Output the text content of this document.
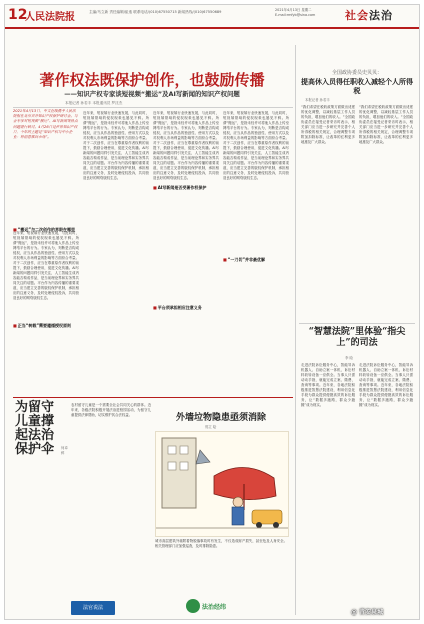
12
人民法院报	主编/马立新 责任编辑/崔逸 联系电话/(010)67550715 新闻热线/(010)67550689	2021年4月13日 星期二
E-mail:rmfyb@sina.com	社会法治
著作权法既保护创作，也鼓励传播
——知识产权专家谈短视频“搬运”及AI写新闻的知识产权问题
本报记者 孙若丰 本报通讯员 罗沈杰
2021年4月13日，中文在线携手人民法院报在北京召开知识产权保护研讨会。与会专家对短视频“搬运”、AI写新闻等热点问题进行研讨。4月26日是世界知识产权日，今年的主题是“知识产权与中小企业：将创意推向市场”。
近年来，短视频行业快速发展，与此同时，短视频领域的侵权现象也屡见不鲜。所谓“搬运”，是指未经许可将他人作品上传至网络平台的行为。专家认为，判断是否构成侵权，应当从作品的独创性、使用方式以及对权利人市场利益的影响等方面综合考量。对于二次创作，应当在尊重原作者权利的前提下，鼓励合理使用，促进文化传播。AI写新闻的问题同样引发关注，人工智能生成内容能否构成作品，是当前理论界和实务界共同关注的话题。平台作为内容传播的重要渠道，应当建立完善的版权保护机制，承担相应的注意义务，及时处理侵权投诉，共同营造良好的网络版权生态。
近年来，短视频行业快速发展，与此同时，短视频领域的侵权现象也屡见不鲜。所谓“搬运”，是指未经许可将他人作品上传至网络平台的行为。专家认为，判断是否构成侵权，应当从作品的独创性、使用方式以及对权利人市场利益的影响等方面综合考量。对于二次创作，应当在尊重原作者权利的前提下，鼓励合理使用，促进文化传播。AI写新闻的问题同样引发关注，人工智能生成内容能否构成作品，是当前理论界和实务界共同关注的话题。平台作为内容传播的重要渠道，应当建立完善的版权保护机制，承担相应的注意义务，及时处理侵权投诉，共同营造良好的网络版权生态。
近年来，短视频行业快速发展，与此同时，短视频领域的侵权现象也屡见不鲜。所谓“搬运”，是指未经许可将他人作品上传至网络平台的行为。专家认为，判断是否构成侵权，应当从作品的独创性、使用方式以及对权利人市场利益的影响等方面综合考量。对于二次创作，应当在尊重原作者权利的前提下，鼓励合理使用，促进文化传播。AI写新闻的问题同样引发关注，人工智能生成内容能否构成作品，是当前理论界和实务界共同关注的话题。平台作为内容传播的重要渠道，应当建立完善的版权保护机制，承担相应的注意义务，及时处理侵权投诉，共同营造良好的网络版权生态。
近年来，短视频行业快速发展，与此同时，短视频领域的侵权现象也屡见不鲜。所谓“搬运”，是指未经许可将他人作品上传至网络平台的行为。专家认为，判断是否构成侵权，应当从作品的独创性、使用方式以及对权利人市场利益的影响等方面综合考量。对于二次创作，应当在尊重原作者权利的前提下，鼓励合理使用，促进文化传播。AI写新闻的问题同样引发关注，人工智能生成内容能否构成作品，是当前理论界和实务界共同关注的话题。平台作为内容传播的重要渠道，应当建立完善的版权保护机制，承担相应的注意义务，及时处理侵权投诉，共同营造良好的网络版权生态。
■ “搬运”与二次创作的界限在哪里
■ AI写新闻是否受著作权保护
■ “一刀切”并非最优解
■ 正当“转载”需要遵循授权原则
■ 平台须承担相应注意义务
全国政协委员史贝贝：
提高休入员得任职收入减轻个人所得税
本报记者 孙若丰
“我们希望在税收政策方面做出适度的优化调整，以减轻基层工作人员的负担，增加他们的收入。”全国政协委员在接受记者采访时表示，相关部门应当进一步研究并完善个人所得税的相关规定，合理调整专项附加扣除标准，让改革的红利更多地惠及广大群众。
“我们希望在税收政策方面做出适度的优化调整，以减轻基层工作人员的负担，增加他们的收入。”全国政协委员在接受记者采访时表示，相关部门应当进一步研究并完善个人所得税的相关规定，合理调整专项附加扣除标准，让改革的红利更多地惠及广大群众。
“智慧法院”里体验“指尖上”的司法
李 晗
走进法院诉讼服务中心，智能导诉机器人、自助立案一体机、诉讼材料收转设备一应俱全。当事人只需动动手指，就能完成立案、缴费、查询等事项。近年来，各地法院积极推进智慧法院建设，利用信息化手段为群众提供便捷高效的诉讼服务，让“数据多跑路，群众少跑腿”成为现实。
走进法院诉讼服务中心，智能导诉机器人、自助立案一体机、诉讼材料收转设备一应俱全。当事人只需动动手指，就能完成立案、缴费、查询等事项。近年来，各地法院积极推进智慧法院建设，利用信息化手段为群众提供便捷高效的诉讼服务，让“数据多跑路，群众少跑腿”成为现实。
为留守儿童撑起法治保护伞	何卓鲜
农村留守儿童是一个需要全社会共同关心的群体。近年来，各级法院积极开展法治进校园活动，为留守儿童提供法律帮助，切实维护其合法权益。	外墙垃物隐患亟须消除
郭立 绘
城市高层建筑外墙附着物脱落事故时有发生，不仅造成财产损失，甚至危及人身安全。相关管理部门应加强巡查，及时排除隐患。
法官说法	法治经纬
@ 青安泉城
